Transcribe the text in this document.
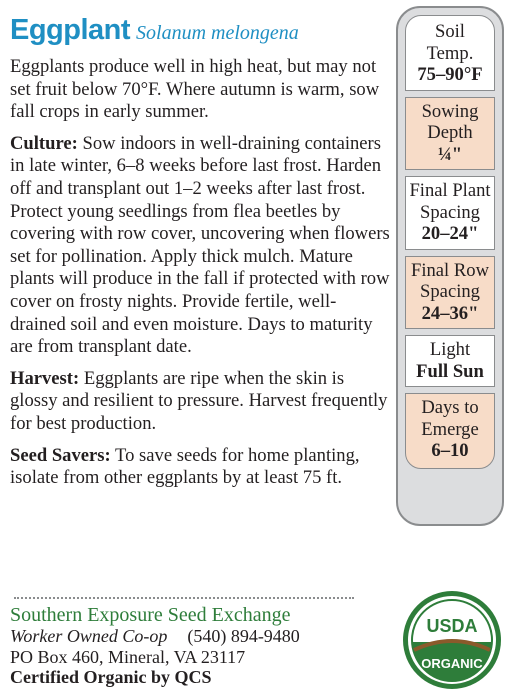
Eggplant Solanum melongena

Eggplants produce well in high heat, but may not set fruit below 70°F. Where autumn is warm, sow fall crops in early summer.

Culture: Sow indoors in well-draining containers in late winter, 6–8 weeks before last frost. Harden off and transplant out 1–2 weeks after last frost. Protect young seedlings from flea beetles by covering with row cover, uncovering when flowers set for pollination. Apply thick mulch. Mature plants will produce in the fall if protected with row cover on frosty nights. Provide fertile, well-drained soil and even moisture. Days to maturity are from transplant date.

Harvest: Eggplants are ripe when the skin is glossy and resilient to pressure. Harvest frequently for best production.

Seed Savers: To save seeds for home planting, isolate from other eggplants by at least 75 ft.

Soil
Temp.
75–90°F
Sowing
Depth
¼"
Final Plant
Spacing
20–24"
Final Row
Spacing
24–36"
Light
Full Sun
Days to
Emerge
6–10
Southern Exposure Seed Exchange
Worker Owned Co-op (540) 894-9480
PO Box 460, Mineral, VA 23117
Certified Organic by QCS
USDA
ORGANIC
